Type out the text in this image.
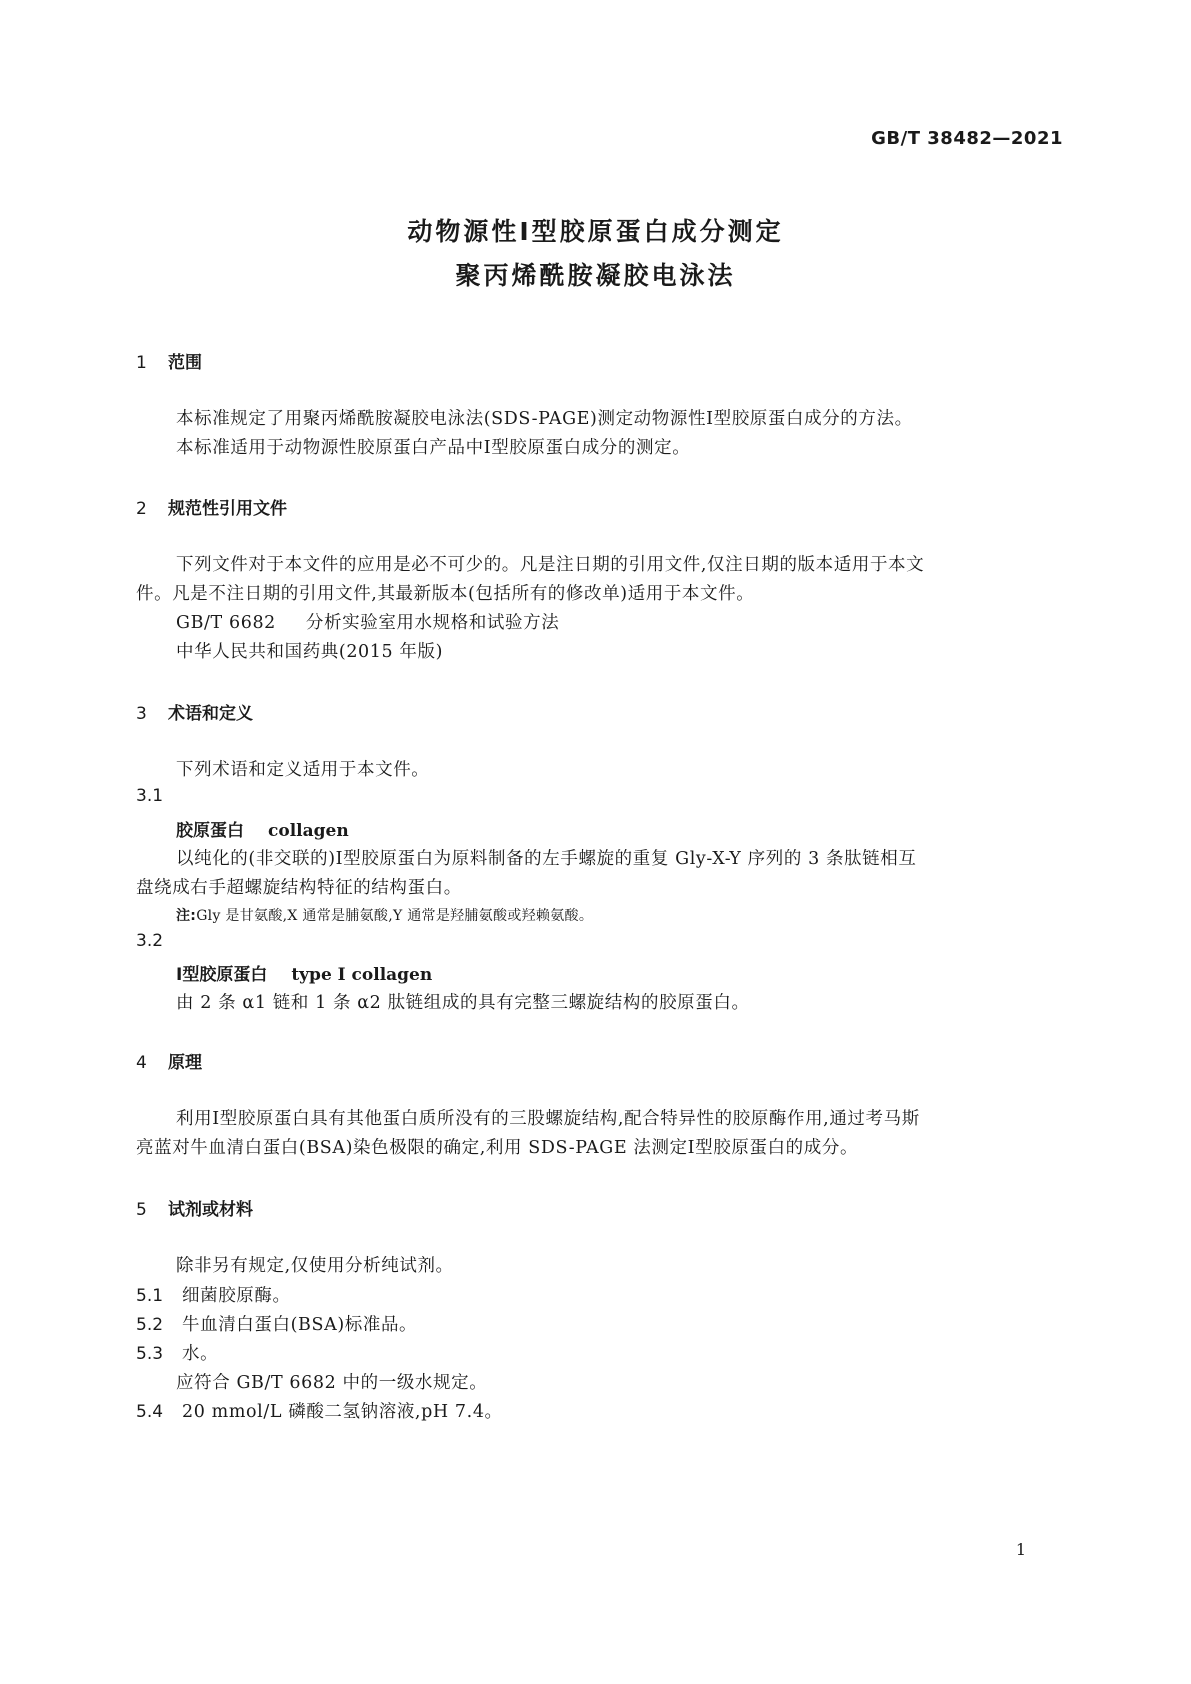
GB/T 38482—2021
动物源性Ⅰ型胶原蛋白成分测定
聚丙烯酰胺凝胶电泳法
1 范围
本标准规定了用聚丙烯酰胺凝胶电泳法(SDS-PAGE)测定动物源性Ⅰ型胶原蛋白成分的方法。
本标准适用于动物源性胶原蛋白产品中Ⅰ型胶原蛋白成分的测定。
2 规范性引用文件
下列文件对于本文件的应用是必不可少的。凡是注日期的引用文件,仅注日期的版本适用于本文
件。凡是不注日期的引用文件,其最新版本(包括所有的修改单)适用于本文件。
GB/T 6682 分析实验室用水规格和试验方法
中华人民共和国药典(2015 年版)
3 术语和定义
下列术语和定义适用于本文件。
3.1
胶原蛋白 collagen
以纯化的(非交联的)Ⅰ型胶原蛋白为原料制备的左手螺旋的重复 Gly-X-Y 序列的 3 条肽链相互
盘绕成右手超螺旋结构特征的结构蛋白。
注:Gly 是甘氨酸,X 通常是脯氨酸,Y 通常是羟脯氨酸或羟赖氨酸。
3.2
Ⅰ型胶原蛋白 type Ⅰ collagen
由 2 条 α1 链和 1 条 α2 肽链组成的具有完整三螺旋结构的胶原蛋白。
4 原理
利用Ⅰ型胶原蛋白具有其他蛋白质所没有的三股螺旋结构,配合特异性的胶原酶作用,通过考马斯
亮蓝对牛血清白蛋白(BSA)染色极限的确定,利用 SDS-PAGE 法测定Ⅰ型胶原蛋白的成分。
5 试剂或材料
除非另有规定,仅使用分析纯试剂。
5.1 细菌胶原酶。
5.2 牛血清白蛋白(BSA)标准品。
5.3 水。
应符合 GB/T 6682 中的一级水规定。
5.4 20 mmol/L 磷酸二氢钠溶液,pH 7.4。
1
